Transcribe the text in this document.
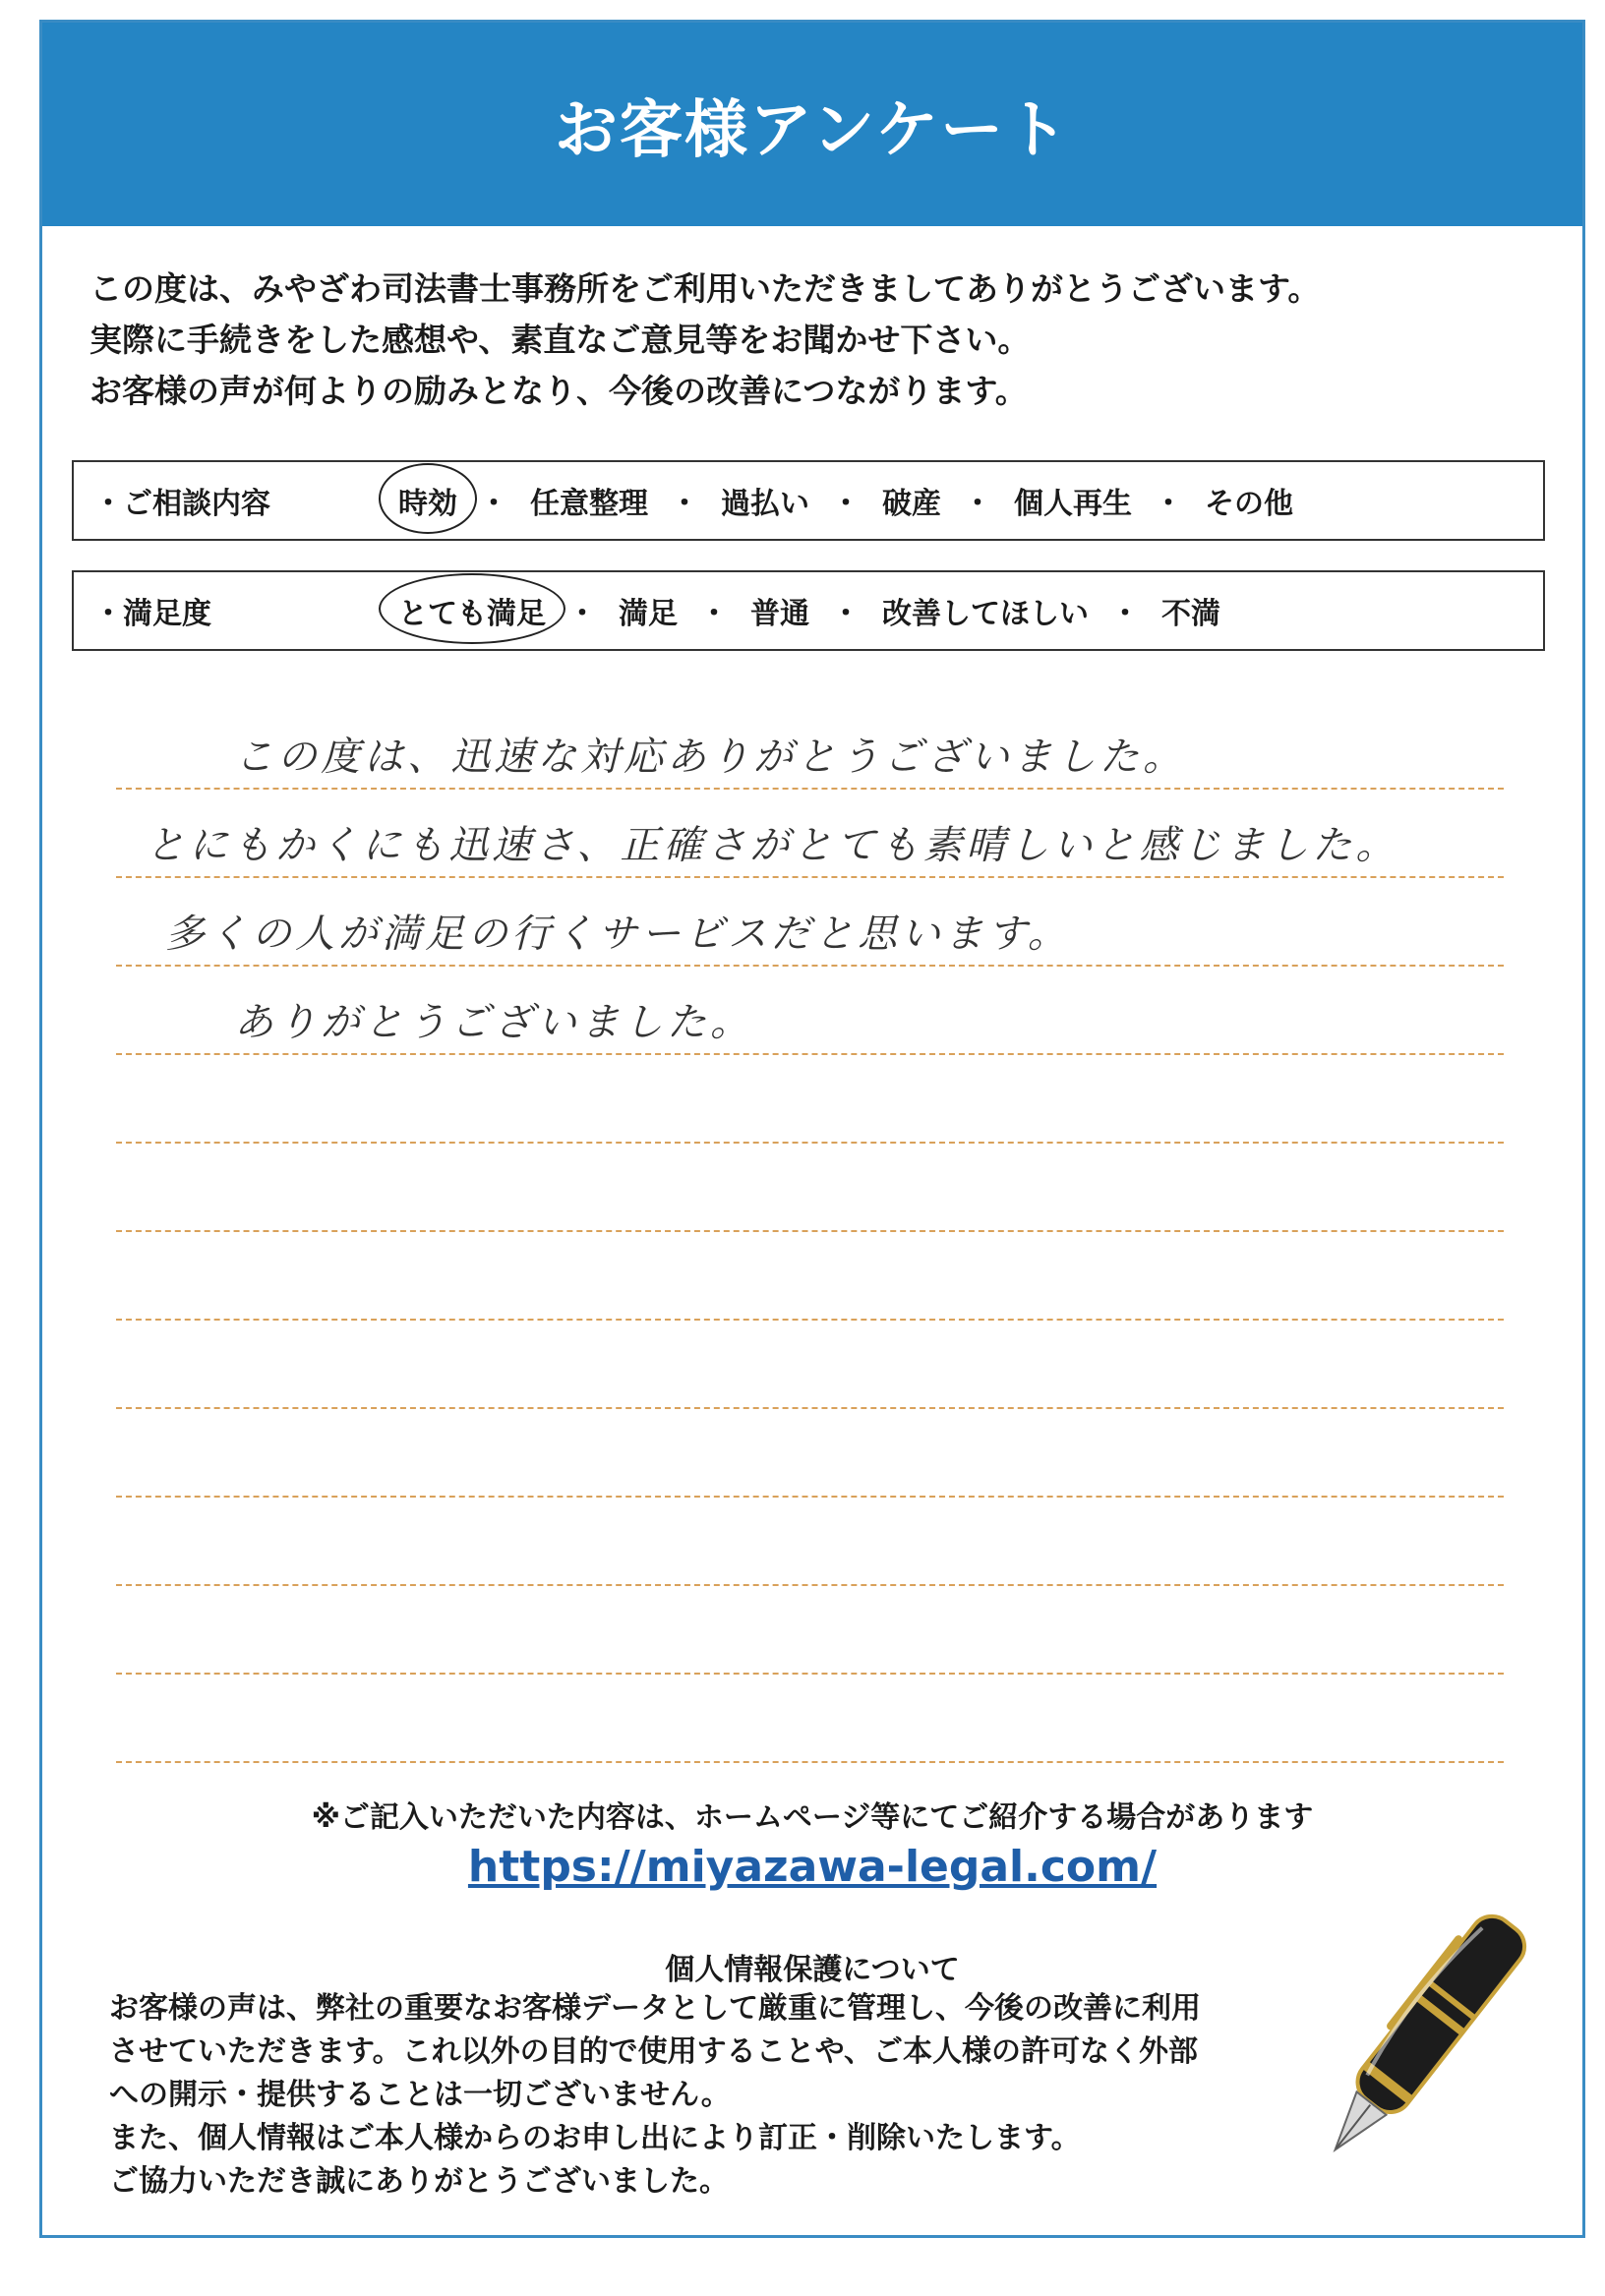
お客様アンケート
この度は、みやざわ司法書士事務所をご利用いただきましてありがとうございます。
実際に手続きをした感想や、素直なご意見等をお聞かせ下さい。
お客様の声が何よりの励みとなり、今後の改善につながります。
・ご相談内容	時効 ・ 任意整理 ・ 過払い ・ 破産 ・ 個人再生 ・ その他
・満足度	とても満足 ・ 満足 ・ 普通 ・ 改善してほしい ・ 不満
この度は、迅速な対応ありがとうございました。
とにもかくにも迅速さ、正確さがとても素晴しいと感じました。
多くの人が満足の行くサービスだと思います。
ありがとうございました。
※ご記入いただいた内容は、ホームページ等にてご紹介する場合があります
https://miyazawa-legal.com/
個人情報保護について
お客様の声は、弊社の重要なお客様データとして厳重に管理し、今後の改善に利用
させていただきます。これ以外の目的で使用することや、ご本人様の許可なく外部
への開示・提供することは一切ございません。
また、個人情報はご本人様からのお申し出により訂正・削除いたします。
ご協力いただき誠にありがとうございました。
